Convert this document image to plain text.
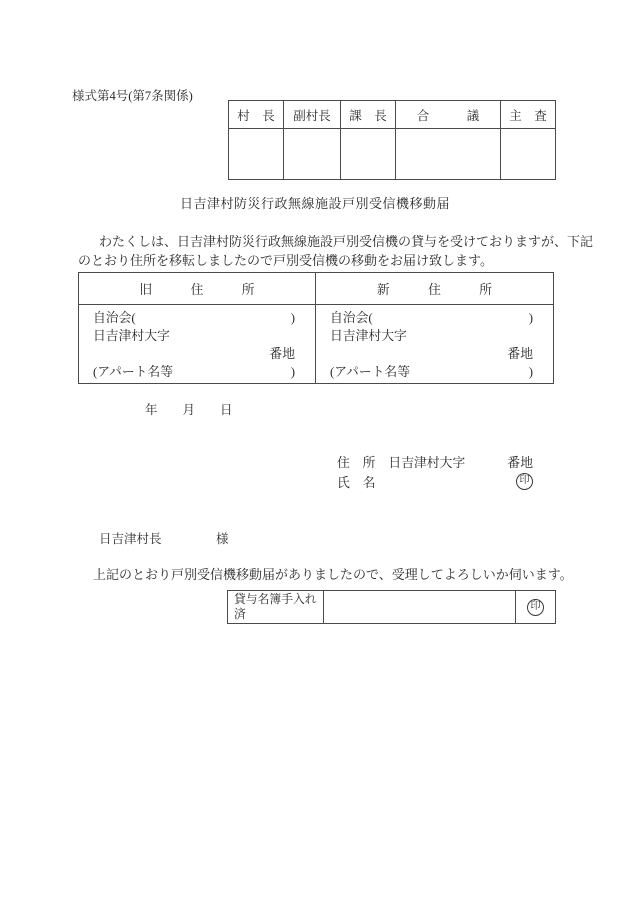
様式第4号(第7条関係)
村　長	副村長	課　長	合　　　議	主　査

日吉津村防災行政無線施設戸別受信機移動届
わたくしは、日吉津村防災行政無線施設戸別受信機の貸与を受けておりますが、下記
のとおり住所を移転しましたので戸別受信機の移動をお届け致します。
旧　　　住　　　所	新　　　住　　　所

自治会(	)
日吉津村大字
番地
(アパート名等	)

自治会(	)
日吉津村大字
番地
(アパート名等	)
年　　月　　日
住　所	日吉津村大字	番地
氏　名	印
日吉津村長	様
上記のとおり戸別受信機移動届がありましたので、受理してよろしいか伺います。
貸与名簿手入れ
済
		印
